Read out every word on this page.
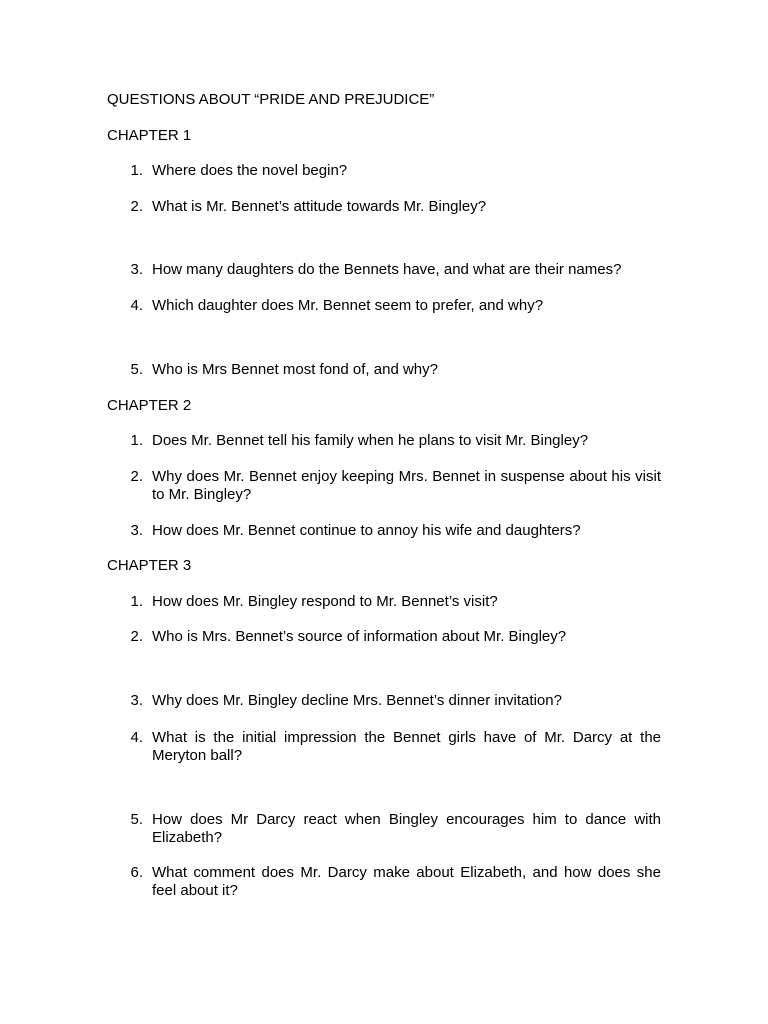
QUESTIONS ABOUT “PRIDE AND PREJUDICE”
CHAPTER 1
1. Where does the novel begin?
2. What is Mr. Bennet’s attitude towards Mr. Bingley?
3. How many daughters do the Bennets have, and what are their names?
4. Which daughter does Mr. Bennet seem to prefer, and why?
5. Who is Mrs Bennet most fond of, and why?
CHAPTER 2
1. Does Mr. Bennet tell his family when he plans to visit Mr. Bingley?
2. Why does Mr. Bennet enjoy keeping Mrs. Bennet in suspense about his visit to Mr. Bingley?
3. How does Mr. Bennet continue to annoy his wife and daughters?
CHAPTER 3
1. How does Mr. Bingley respond to Mr. Bennet’s visit?
2. Who is Mrs. Bennet’s source of information about Mr. Bingley?
3. Why does Mr. Bingley decline Mrs. Bennet’s dinner invitation?
4. What is the initial impression the Bennet girls have of Mr. Darcy at the Meryton ball?
5. How does Mr Darcy react when Bingley encourages him to dance with Elizabeth?
6. What comment does Mr. Darcy make about Elizabeth, and how does she feel about it?
